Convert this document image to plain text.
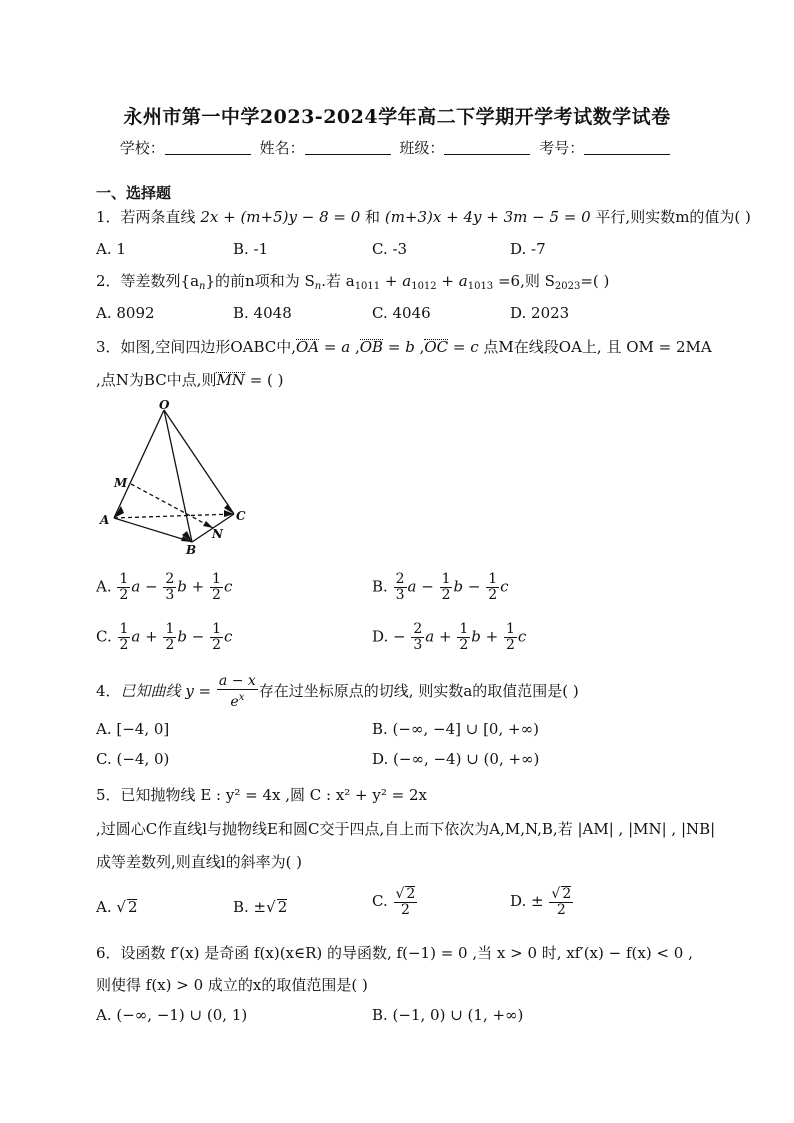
永州市第一中学2023-2024学年高二下学期开学考试数学试卷
学校：	姓名：	班级：	考号：
一、选择题
1．若两条直线 2x + (m+5)y − 8 = 0 和 (m+3)x + 4y + 3m − 5 = 0 平行,则实数m的值为( )
A. 1	B. -1	C. -3	D. -7
2．等差数列$\{a_n\}$的前n项和为 $S_n$.若 $a_{1011} + a_{1012} + a_{1013} =6$,则 $S_{2023}=$( )
A. 8092	B. 4048	C. 4046	D. 2023
3．如图,空间四边形OABC中,OA = a ,OB = b ,OC = c 点M在线段OA上, 且 OM = 2MA
,点N为BC中点,则MN = ( )
O
M
A
B
C
N
A. $\frac{1}{2}$ $a - \frac{2}{3}$ $b + \frac{1}{2}$ c	B. $\frac{2}{3}$ $a - \frac{1}{2}$ $b - \frac{1}{2}$ c
C. $\frac{1}{2}$ $a + \frac{1}{2}$ $b - \frac{1}{2}$ c	D. − $\frac{2}{3}$ $a + \frac{1}{2}$ $b + \frac{1}{2}$ c
4．已知曲线 $y = \frac{a - x}{e^x}$ 存在过坐标原点的切线, 则实数a的取值范围是( )
A. [−4, 0]	B. (−∞, −4] ∪ [0, +∞)
C. (−4, 0)	D. (−∞, −4) ∪ (0, +∞)
5．已知抛物线 E : y² = 4x ,圆 C : x² + y² = 2x
,过圆心C作直线l与抛物线E和圆C交于四点,自上而下依次为A,M,N,B,若 |AM| , |MN| , |NB|
成等差数列,则直线l的斜率为( )
A. √ 2	B. ±√ 2	C. $\frac{√ 2}{2}$	D. ± $\frac{√ 2}{2}$
6．设函数 f′(x) 是奇函 f(x)(x∈R) 的导函数, f(−1) = 0 ,当 x > 0 时, xf′(x) − f(x) < 0 ,
则使得 f(x) > 0 成立的x的取值范围是( )
A. (−∞, −1) ∪ (0, 1)	B. (−1, 0) ∪ (1, +∞)
